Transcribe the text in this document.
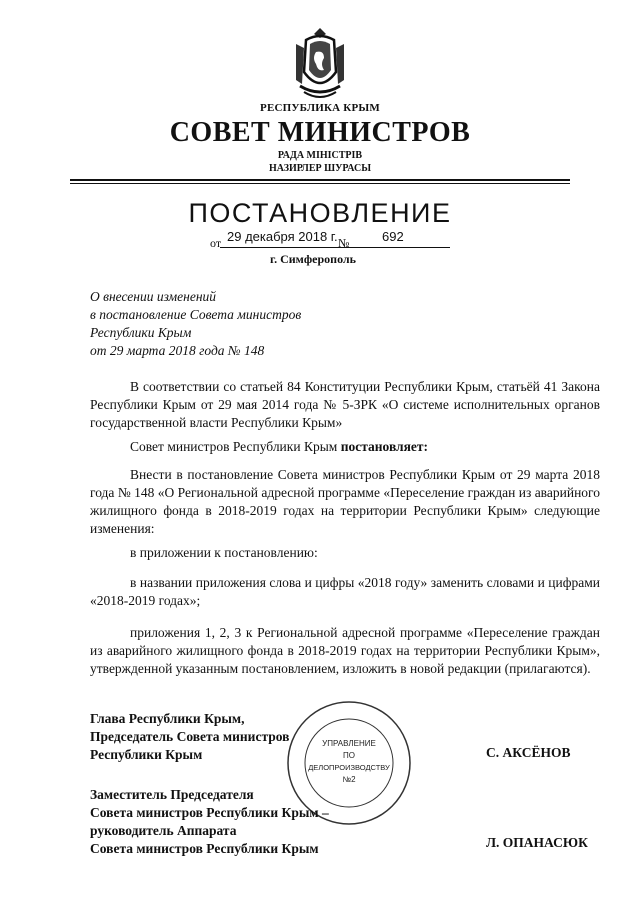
РЕСПУБЛИКА КРЫМ
СОВЕТ МИНИСТРОВ
РАДА МІНІСТРІВ
НАЗИРЛЕР ШУРАСЫ
ПОСТАНОВЛЕНИЕ
от 29 декабря 2018 г. №	692
г. Симферополь
О внесении изменений
в постановление Совета министров
Республики Крым
от 29 марта 2018 года № 148
В соответствии со статьей 84 Конституции Республики Крым, статьёй 41 Закона Республики Крым от 29 мая 2014 года № 5-ЗРК «О системе исполнительных органов государственной власти Республики Крым»
Совет министров Республики Крым постановляет:
Внести в постановление Совета министров Республики Крым от 29 марта 2018 года № 148 «О Региональной адресной программе «Переселение граждан из аварийного жилищного фонда в 2018-2019 годах на территории Республики Крым» следующие изменения:
в приложении к постановлению:
в названии приложения слова и цифры «2018 году» заменить словами и цифрами «2018-2019 годах»;
приложения 1, 2, 3 к Региональной адресной программе «Переселение граждан из аварийного жилищного фонда в 2018-2019 годах на территории Республики Крым», утвержденной указанным постановлением, изложить в новой редакции (прилагаются).
УПРАВЛЕНИЕ
ПО
ДЕЛОПРОИЗВОДСТВУ
№2
Глава Республики Крым,
Председатель Совета министров
Республики Крым	С. АКСЁНОВ
Заместитель Председателя
Совета министров Республики Крым –
руководитель Аппарата
Совета министров Республики Крым	Л. ОПАНАСЮК
